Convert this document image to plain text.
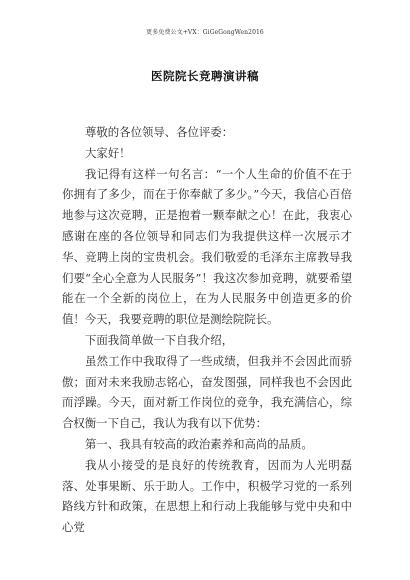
更多免费公文+VX：GiGeGongWen2016
医院院长竞聘演讲稿

尊敬的各位领导、各位评委：

大家好！

我记得有这样一句名言：“一个人生命的价值不在于你拥有了多少，而在于你奉献了多少。”今天，我信心百倍地参与这次竞聘，正是抱着一颗奉献之心！在此，我衷心感谢在座的各位领导和同志们为我提供这样一次展示才华、竞聘上岗的宝贵机会。我们敬爱的毛泽东主席教导我们要“全心全意为人民服务”！我这次参加竞聘，就要希望能在一个全新的岗位上，在为人民服务中创造更多的价值！今天，我要竞聘的职位是测绘院院长。

下面我简单做一下自我介绍，

虽然工作中我取得了一些成绩，但我并不会因此而骄傲；面对未来我励志铭心，奋发图强，同样我也不会因此而浮躁。今天，面对新工作岗位的竞争，我充满信心，综合权衡一下自己，我认为我有以下优势：

第一、我具有较高的政治素养和高尚的品质。

我从小接受的是良好的传统教育，因而为人光明磊落、处事果断、乐于助人。工作中，积极学习党的一系列路线方针和政策，在思想上和行动上我能够与党中央和中心党
